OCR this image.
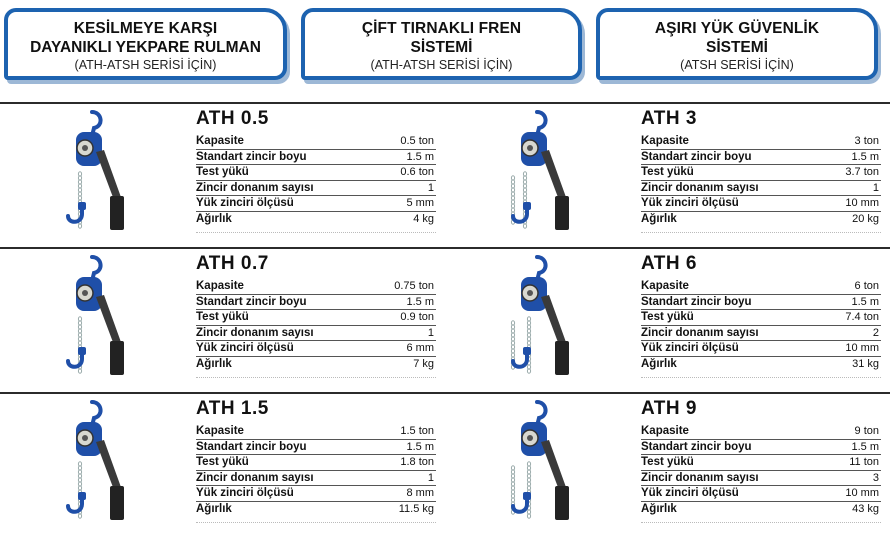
KESİLMEYE KARŞI
DAYANIKLI YEKPARE RULMAN
(ATH-ATSH SERİSİ İÇİN)
ÇİFT TIRNAKLI FREN
SİSTEMİ
(ATH-ATSH SERİSİ İÇİN)
AŞIRI YÜK GÜVENLİK
SİSTEMİ
(ATSH SERİSİ İÇİN)
ATH 0.5
Kapasite	0.5 ton
Standart zincir boyu	1.5 m
Test yükü	0.6 ton
Zincir donanım sayısı	1
Yük zinciri ölçüsü	5 mm
Ağırlık	4 kg
ATH 0.7
Kapasite	0.75 ton
Standart zincir boyu	1.5 m
Test yükü	0.9 ton
Zincir donanım sayısı	1
Yük zinciri ölçüsü	6 mm
Ağırlık	7 kg
ATH 1.5
Kapasite	1.5 ton
Standart zincir boyu	1.5 m
Test yükü	1.8 ton
Zincir donanım sayısı	1
Yük zinciri ölçüsü	8 mm
Ağırlık	11.5 kg
ATH 3
Kapasite	3 ton
Standart zincir boyu	1.5 m
Test yükü	3.7 ton
Zincir donanım sayısı	1
Yük zinciri ölçüsü	10 mm
Ağırlık	20 kg
ATH 6
Kapasite	6 ton
Standart zincir boyu	1.5 m
Test yükü	7.4 ton
Zincir donanım sayısı	2
Yük zinciri ölçüsü	10 mm
Ağırlık	31 kg
ATH 9
Kapasite	9 ton
Standart zincir boyu	1.5 m
Test yükü	11 ton
Zincir donanım sayısı	3
Yük zinciri ölçüsü	10 mm
Ağırlık	43 kg
